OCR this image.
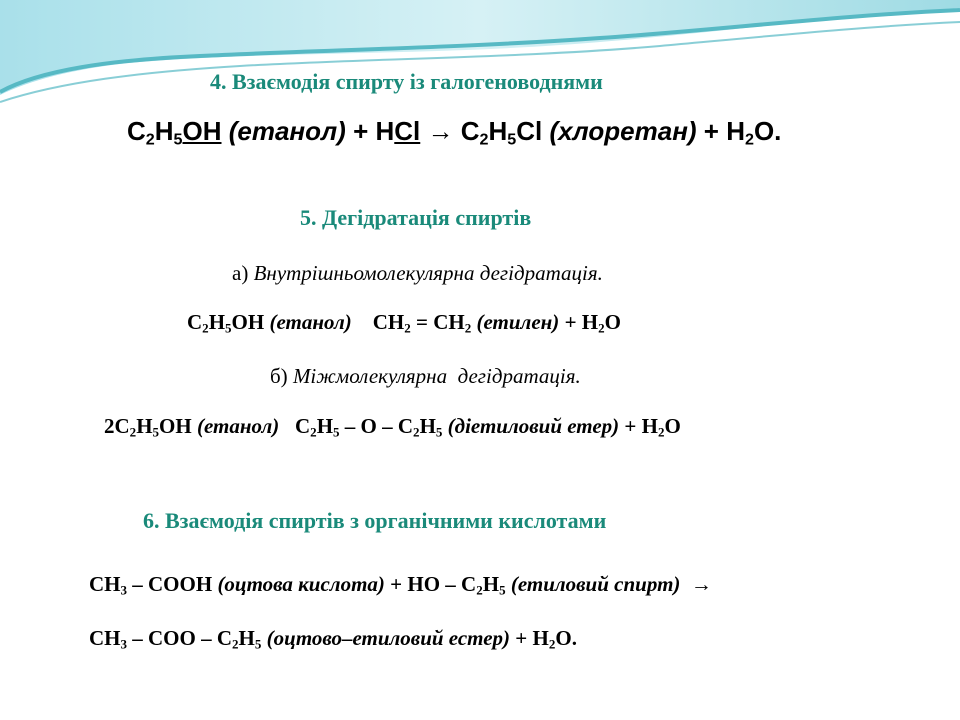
4. Взаємодія спирту із галогеноводнями
$C_2H_5OH$ (етанол) + HCl → $C_2H_5Cl$ (хлоретан) + $H_2O$.
5. Дегідратація спиртів
а) Внутрішньомолекулярна дегідратація.
$C_2H_5OH$ (етанол)    $CH_2 = CH_2$ (етилен) + $H_2O$
б) Міжмолекулярна  дегідратація.
$2C_2H_5OH$ (етанол)   $C_2H_5$ – O – $C_2H_5$ (діетиловий етер) + $H_2O$
6. Взаємодія спиртів з органічними кислотами
$CH_3$ – COOH (оцтова кислота) + HO – $C_2H_5$ (етиловий спирт)  →
$CH_3$ – COO – $C_2H_5$ (оцтово–етиловий естер) + $H_2O$.
